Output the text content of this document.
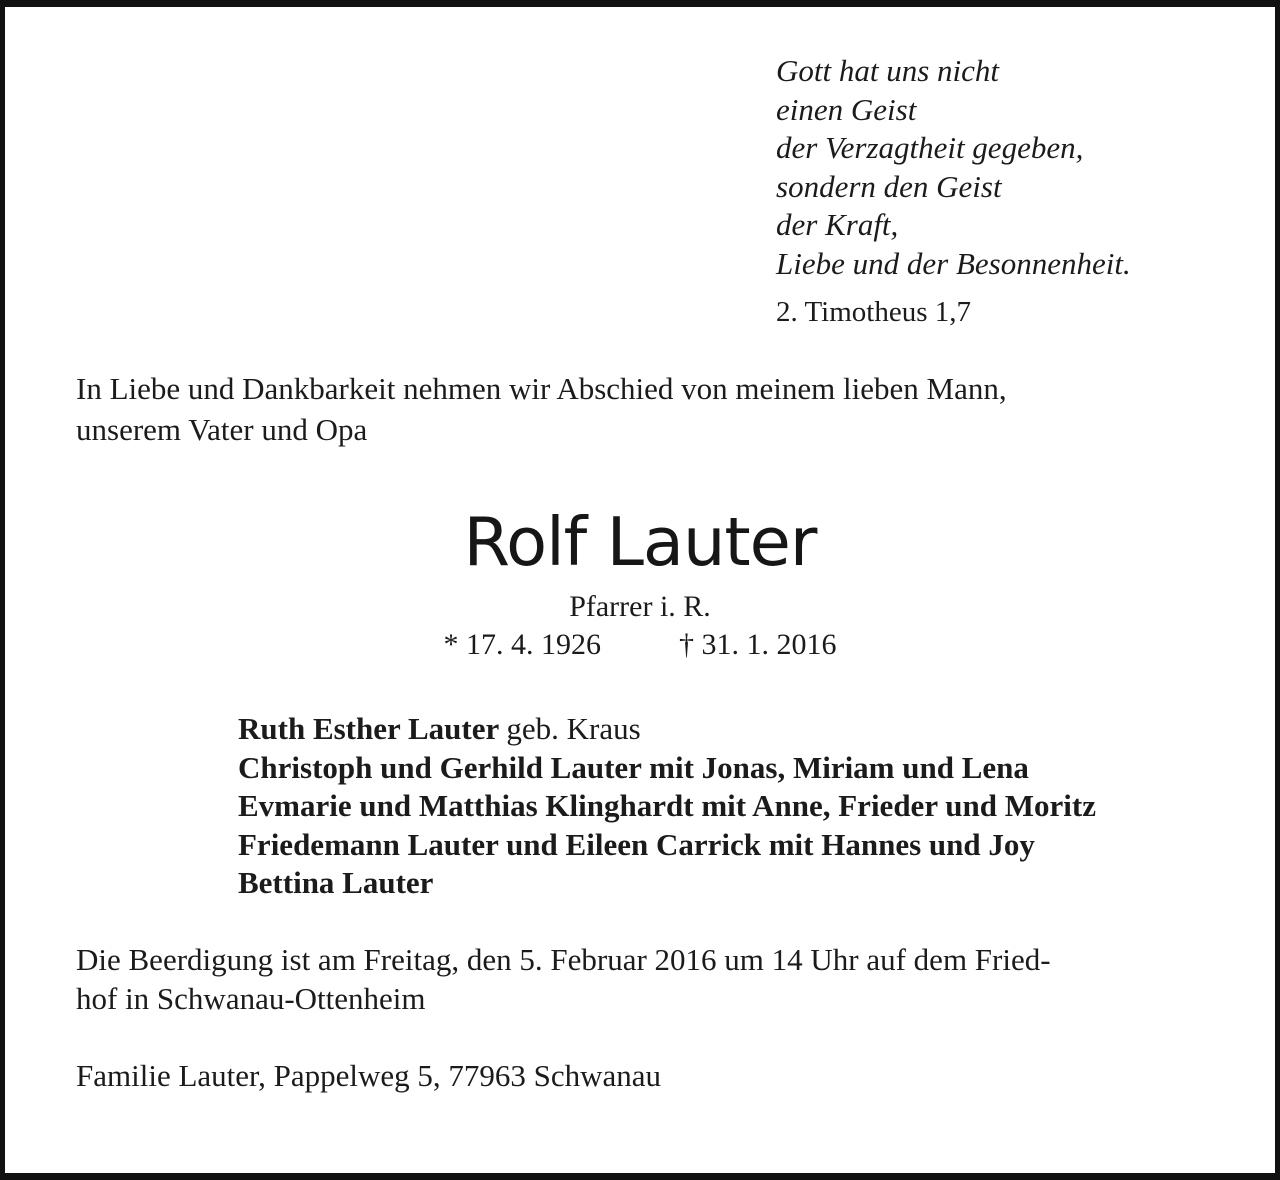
Gott hat uns nicht
einen Geist
der Verzagtheit gegeben,
sondern den Geist
der Kraft,
Liebe und der Besonnenheit.
2. Timotheus 1,7
In Liebe und Dankbarkeit nehmen wir Abschied von meinem lieben Mann,
unserem Vater und Opa
Rolf Lauter
Pfarrer i. R.
* 17. 4. 1926	† 31. 1. 2016
Ruth Esther Lauter geb. Kraus
Christoph und Gerhild Lauter mit Jonas, Miriam und Lena
Evmarie und Matthias Klinghardt mit Anne, Frieder und Moritz
Friedemann Lauter und Eileen Carrick mit Hannes und Joy
Bettina Lauter
Die Beerdigung ist am Freitag, den 5. Februar 2016 um 14 Uhr auf dem Fried-
hof in Schwanau-Ottenheim
Familie Lauter, Pappelweg 5, 77963 Schwanau
